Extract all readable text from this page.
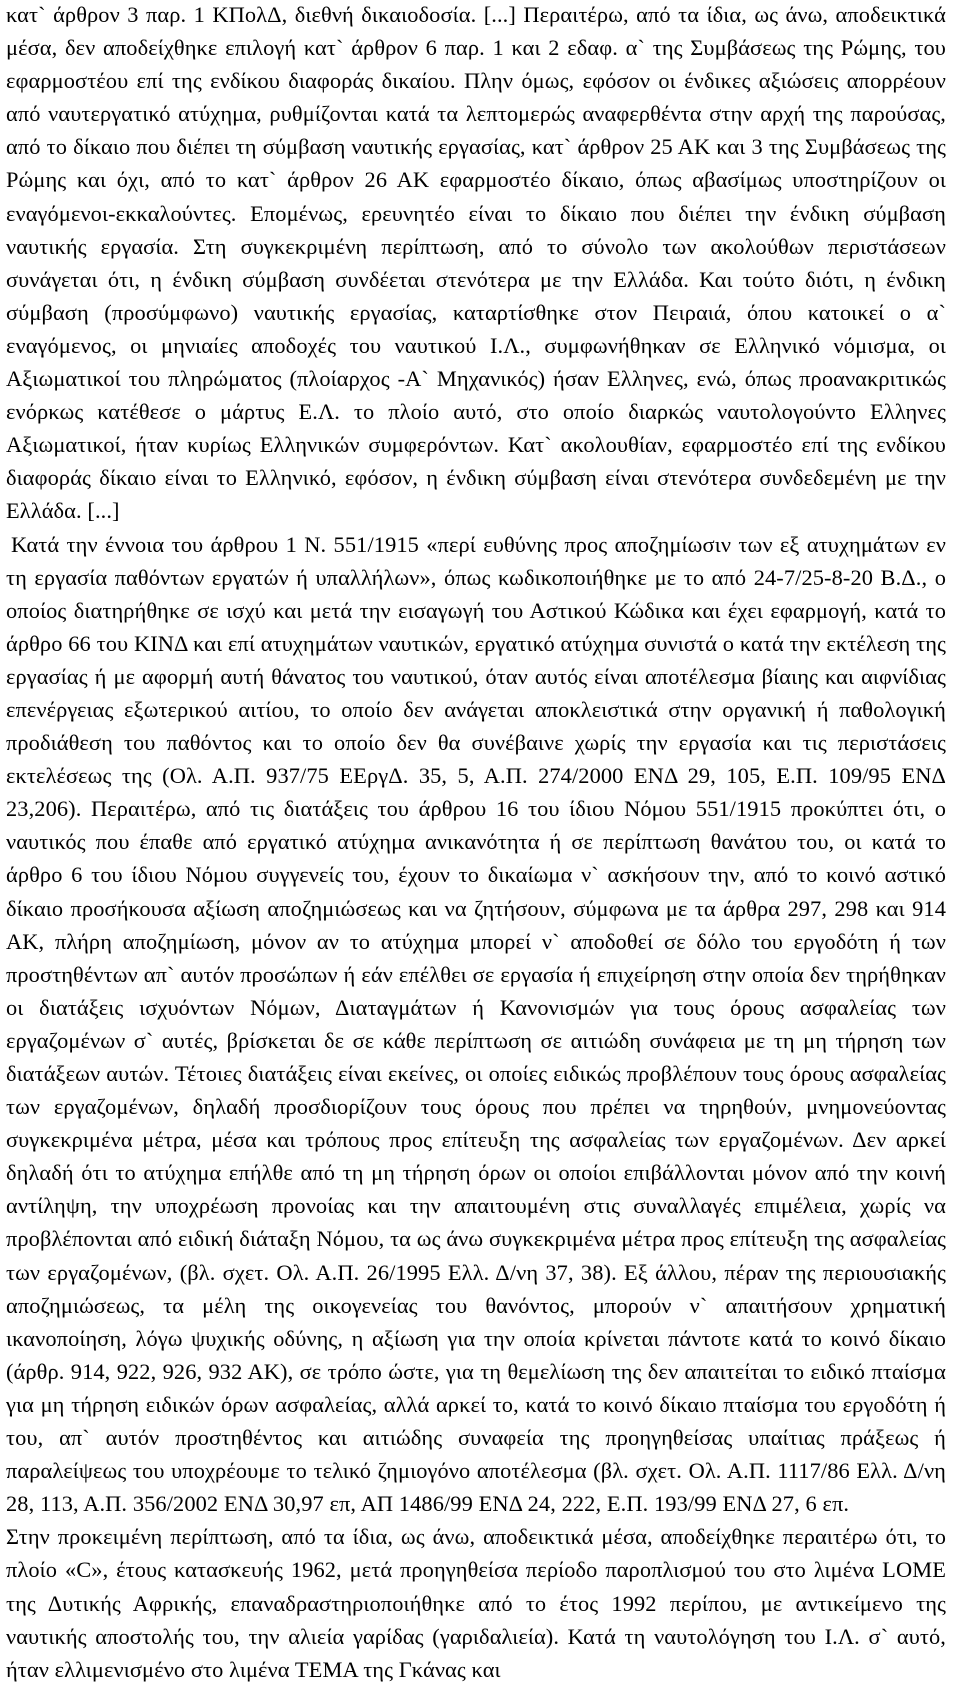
κατ` άρθρον 3 παρ. 1 ΚΠολΔ, διεθνή δικαιοδοσία. [...] Περαιτέρω, από τα ίδια, ως άνω, αποδεικτικά μέσα, δεν αποδείχθηκε επιλογή κατ` άρθρον 6 παρ. 1 και 2 εδαφ. α` της Συμβάσεως της Ρώμης, του εφαρμοστέου επί της ενδίκου διαφοράς δικαίου. Πλην όμως, εφόσον οι ένδικες αξιώσεις απορρέουν από ναυτεργατικό ατύχημα, ρυθμίζονται κατά τα λεπτομερώς αναφερθέντα στην αρχή της παρούσας, από το δίκαιο που διέπει τη σύμβαση ναυτικής εργασίας, κατ` άρθρον 25 ΑΚ και 3 της Συμβάσεως της Ρώμης και όχι, από το κατ` άρθρον 26 ΑΚ εφαρμοστέο δίκαιο, όπως αβασίμως υποστηρίζουν οι εναγόμενοι-εκκαλούντες. Επομένως, ερευνητέο είναι το δίκαιο που διέπει την ένδικη σύμβαση ναυτικής εργασία. Στη συγκεκριμένη περίπτωση, από το σύνολο των ακολούθων περιστάσεων συνάγεται ότι, η ένδικη σύμβαση συνδέεται στενότερα με την Ελλάδα. Και τούτο διότι, η ένδικη σύμβαση (προσύμφωνο) ναυτικής εργασίας, καταρτίσθηκε στον Πειραιά, όπου κατοικεί ο α` εναγόμενος, οι μηνιαίες αποδοχές του ναυτικού Ι.Λ., συμφωνήθηκαν σε Ελληνικό νόμισμα, οι Αξιωματικοί του πληρώματος (πλοίαρχος -Α` Μηχανικός) ήσαν Ελληνες, ενώ, όπως προανακριτικώς ενόρκως κατέθεσε ο μάρτυς Ε.Λ. το πλοίο αυτό, στο οποίο διαρκώς ναυτολογούντο Ελληνες Αξιωματικοί, ήταν κυρίως Ελληνικών συμφερόντων. Κατ` ακολουθίαν, εφαρμοστέο επί της ενδίκου διαφοράς δίκαιο είναι το Ελληνικό, εφόσον, η ένδικη σύμβαση είναι στενότερα συνδεδεμένη με την Ελλάδα. [...]

Κατά την έννοια του άρθρου 1 Ν. 551/1915 «περί ευθύνης προς αποζημίωσιν των εξ ατυχημάτων εν τη εργασία παθόντων εργατών ή υπαλλήλων», όπως κωδικοποιήθηκε με το από 24-7/25-8-20 Β.Δ., ο οποίος διατηρήθηκε σε ισχύ και μετά την εισαγωγή του Αστικού Κώδικα και έχει εφαρμογή, κατά το άρθρο 66 του ΚΙΝΔ και επί ατυχημάτων ναυτικών, εργατικό ατύχημα συνιστά ο κατά την εκτέλεση της εργασίας ή με αφορμή αυτή θάνατος του ναυτικού, όταν αυτός είναι αποτέλεσμα βίαιης και αιφνίδιας επενέργειας εξωτερικού αιτίου, το οποίο δεν ανάγεται αποκλειστικά στην οργανική ή παθολογική προδιάθεση του παθόντος και το οποίο δεν θα συνέβαινε χωρίς την εργασία και τις περιστάσεις εκτελέσεως της (Ολ. Α.Π. 937/75 ΕΕργΔ. 35, 5, Α.Π. 274/2000 ΕΝΔ 29, 105, Ε.Π. 109/95 ΕΝΔ 23,206). Περαιτέρω, από τις διατάξεις του άρθρου 16 του ίδιου Νόμου 551/1915 προκύπτει ότι, ο ναυτικός που έπαθε από εργατικό ατύχημα ανικανότητα ή σε περίπτωση θανάτου του, οι κατά το άρθρο 6 του ίδιου Νόμου συγγενείς του, έχουν το δικαίωμα ν` ασκήσουν την, από το κοινό αστικό δίκαιο προσήκουσα αξίωση αποζημιώσεως και να ζητήσουν, σύμφωνα με τα άρθρα 297, 298 και 914 ΑΚ, πλήρη αποζημίωση, μόνον αν το ατύχημα μπορεί ν` αποδοθεί σε δόλο του εργοδότη ή των προστηθέντων απ` αυτόν προσώπων ή εάν επέλθει σε εργασία ή επιχείρηση στην οποία δεν τηρήθηκαν οι διατάξεις ισχυόντων Νόμων, Διαταγμάτων ή Κανονισμών για τους όρους ασφαλείας των εργαζομένων σ` αυτές, βρίσκεται δε σε κάθε περίπτωση σε αιτιώδη συνάφεια με τη μη τήρηση των διατάξεων αυτών. Τέτοιες διατάξεις είναι εκείνες, οι οποίες ειδικώς προβλέπουν τους όρους ασφαλείας των εργαζομένων, δηλαδή προσδιορίζουν τους όρους που πρέπει να τηρηθούν, μνημονεύοντας συγκεκριμένα μέτρα, μέσα και τρόπους προς επίτευξη της ασφαλείας των εργαζομένων. Δεν αρκεί δηλαδή ότι το ατύχημα επήλθε από τη μη τήρηση όρων οι οποίοι επιβάλλονται μόνον από την κοινή αντίληψη, την υποχρέωση προνοίας και την απαιτουμένη στις συναλλαγές επιμέλεια, χωρίς να προβλέπονται από ειδική διάταξη Νόμου, τα ως άνω συγκεκριμένα μέτρα προς επίτευξη της ασφαλείας των εργαζομένων, (βλ. σχετ. Ολ. Α.Π. 26/1995 Ελλ. Δ/νη 37, 38). Εξ άλλου, πέραν της περιουσιακής αποζημιώσεως, τα μέλη της οικογενείας του θανόντος, μπορούν ν` απαιτήσουν χρηματική ικανοποίηση, λόγω ψυχικής οδύνης, η αξίωση για την οποία κρίνεται πάντοτε κατά το κοινό δίκαιο (άρθρ. 914, 922, 926, 932 ΑΚ), σε τρόπο ώστε, για τη θεμελίωση της δεν απαιτείται το ειδικό πταίσμα για μη τήρηση ειδικών όρων ασφαλείας, αλλά αρκεί το, κατά το κοινό δίκαιο πταίσμα του εργοδότη ή του, απ` αυτόν προστηθέντος και αιτιώδης συναφεία της προηγηθείσας υπαίτιας πράξεως ή παραλείψεως του υποχρέουμε το τελικό ζημιογόνο αποτέλεσμα (βλ. σχετ. Ολ. Α.Π. 1117/86 Ελλ. Δ/νη 28, 113, Α.Π. 356/2002 ΕΝΔ 30,97 επ, ΑΠ 1486/99 ΕΝΔ 24, 222, Ε.Π. 193/99 ΕΝΔ 27, 6 επ.

Στην προκειμένη περίπτωση, από τα ίδια, ως άνω, αποδεικτικά μέσα, αποδείχθηκε περαιτέρω ότι, το πλοίο «C», έτους κατασκευής 1962, μετά προηγηθείσα περίοδο παροπλισμού του στο λιμένα LOME της Δυτικής Αφρικής, επαναδραστηριοποιήθηκε από το έτος 1992 περίπου, με αντικείμενο της ναυτικής αποστολής του, την αλιεία γαρίδας (γαριδαλιεία). Κατά τη ναυτολόγηση του Ι.Λ. σ` αυτό, ήταν ελλιμενισμένο στο λιμένα ΤΕΜΑ της Γκάνας και
